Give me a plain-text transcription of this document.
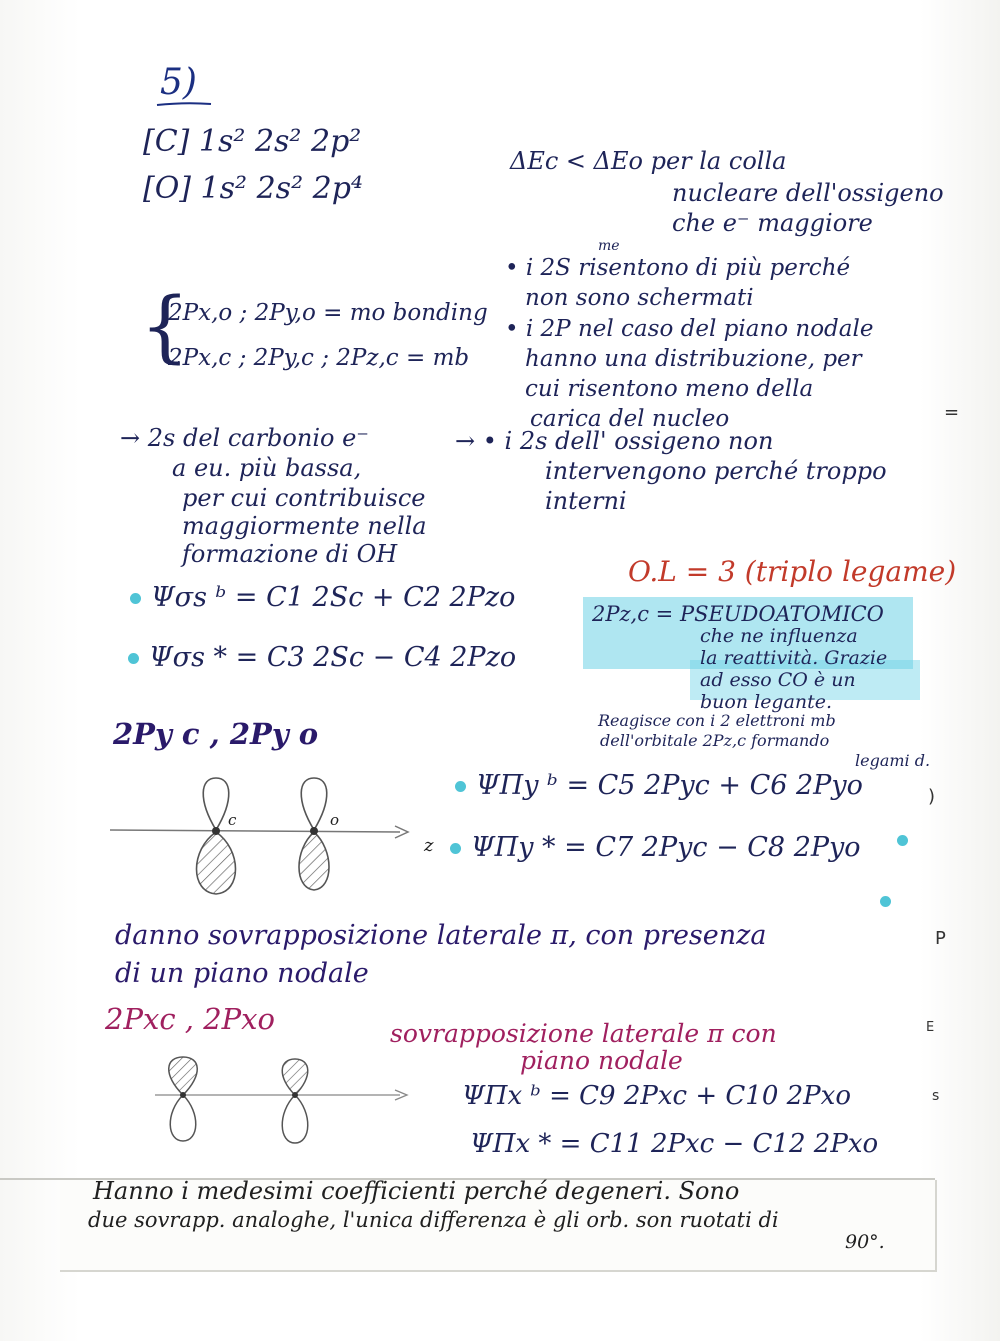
5)
[C] 1s² 2s² 2p²
[O] 1s² 2s² 2p⁴
ΔEc < ΔEo per la colla
nucleare dell'ossigeno
che e⁻ maggiore
me
• i 2S risentono di più perché
non sono schermati
• i 2P nel caso del piano nodale
hanno una distribuzione, per
cui risentono meno della
carica del nucleo
{
2Px,o ; 2Py,o = mo bonding
2Px,c ; 2Py,c ; 2Pz,c = mb
→ 2s del carbonio e⁻
a eu. più bassa,
per cui contribuisce
maggiormente nella
formazione di OH
→ • i 2s dell' ossigeno non
intervengono perché troppo
interni
O.L = 3 (triplo legame)
2Pz,c = PSEUDOATOMICO
che ne influenza
la reattività. Grazie
ad esso CO è un
buon legante.
Reagisce con i 2 elettroni mb
dell'orbitale 2Pz,c formando
legami d.
Ψσs ᵇ = C1 2Sc + C2 2Pzo
Ψσs * = C3 2Sc − C4 2Pzo
2Py c , 2Py o
c	o
z
ΨΠy ᵇ = C5 2Pyc + C6 2Pyo
ΨΠy * = C7 2Pyc − C8 2Pyo
danno sovrapposizione laterale π, con presenza
di un piano nodale
2Pxc , 2Pxo	sovrapposizione laterale π con
piano nodale
ΨΠx ᵇ = C9 2Pxc + C10 2Pxo
ΨΠx * = C11 2Pxc − C12 2Pxo
Hanno i medesimi coefficienti perché degeneri. Sono
due sovrapp. analoghe, l'unica differenza è gli orb. son ruotati di
90°.
=
)
P
E
s
